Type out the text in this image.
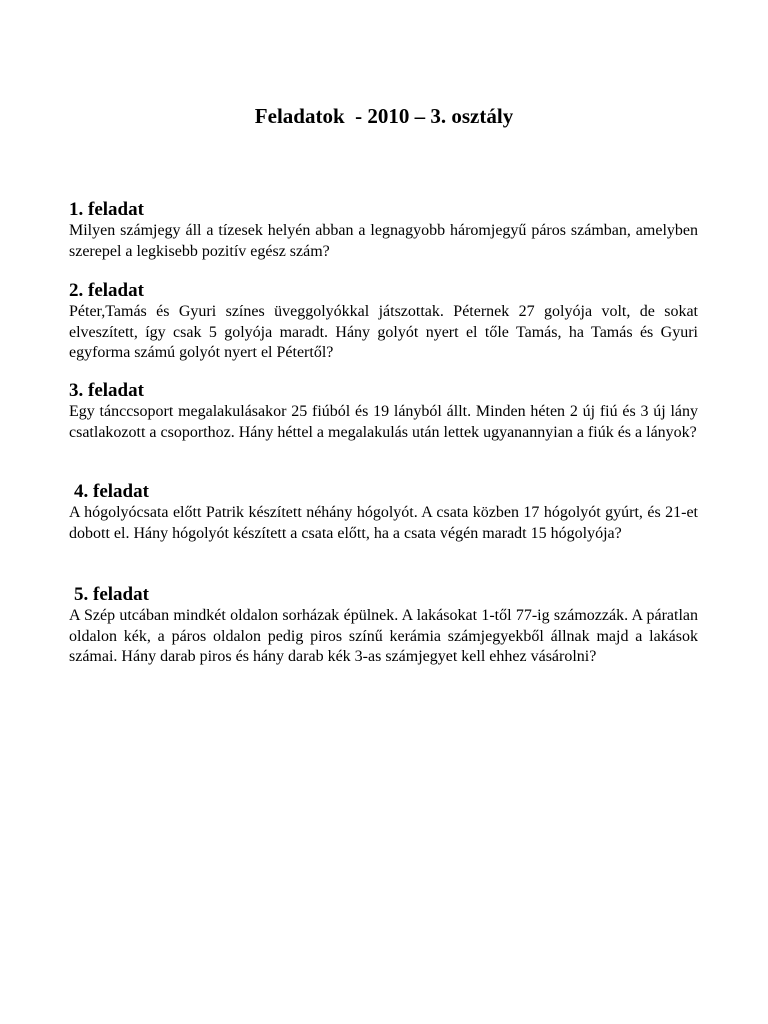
Feladatok  - 2010 – 3. osztály

1. feladat

Milyen számjegy áll a tízesek helyén abban a legnagyobb háromjegyű páros számban, amelyben szerepel a legkisebb pozitív egész szám?

2. feladat

Péter,Tamás és Gyuri színes üveggolyókkal játszottak. Péternek 27 golyója volt, de sokat elveszített, így csak 5 golyója maradt. Hány golyót nyert el tőle Tamás, ha Tamás és Gyuri egyforma számú golyót nyert el Pétertől?

3. feladat

Egy tánccsoport megalakulásakor 25 fiúból és 19 lányból állt. Minden héten 2 új fiú és 3 új lány csatlakozott a csoporthoz. Hány héttel a megalakulás után lettek ugyanannyian a fiúk és a lányok?

4. feladat

A hógolyócsata előtt Patrik készített néhány hógolyót. A csata közben 17 hógolyót gyúrt, és 21-et dobott el. Hány hógolyót készített a csata előtt, ha a csata végén maradt 15 hógolyója?

5. feladat

A Szép utcában mindkét oldalon sorházak épülnek. A lakásokat 1-től 77-ig számozzák. A páratlan oldalon kék, a páros oldalon pedig piros színű kerámia számjegyekből állnak majd a lakások számai. Hány darab piros és hány darab kék 3-as számjegyet kell ehhez vásárolni?
